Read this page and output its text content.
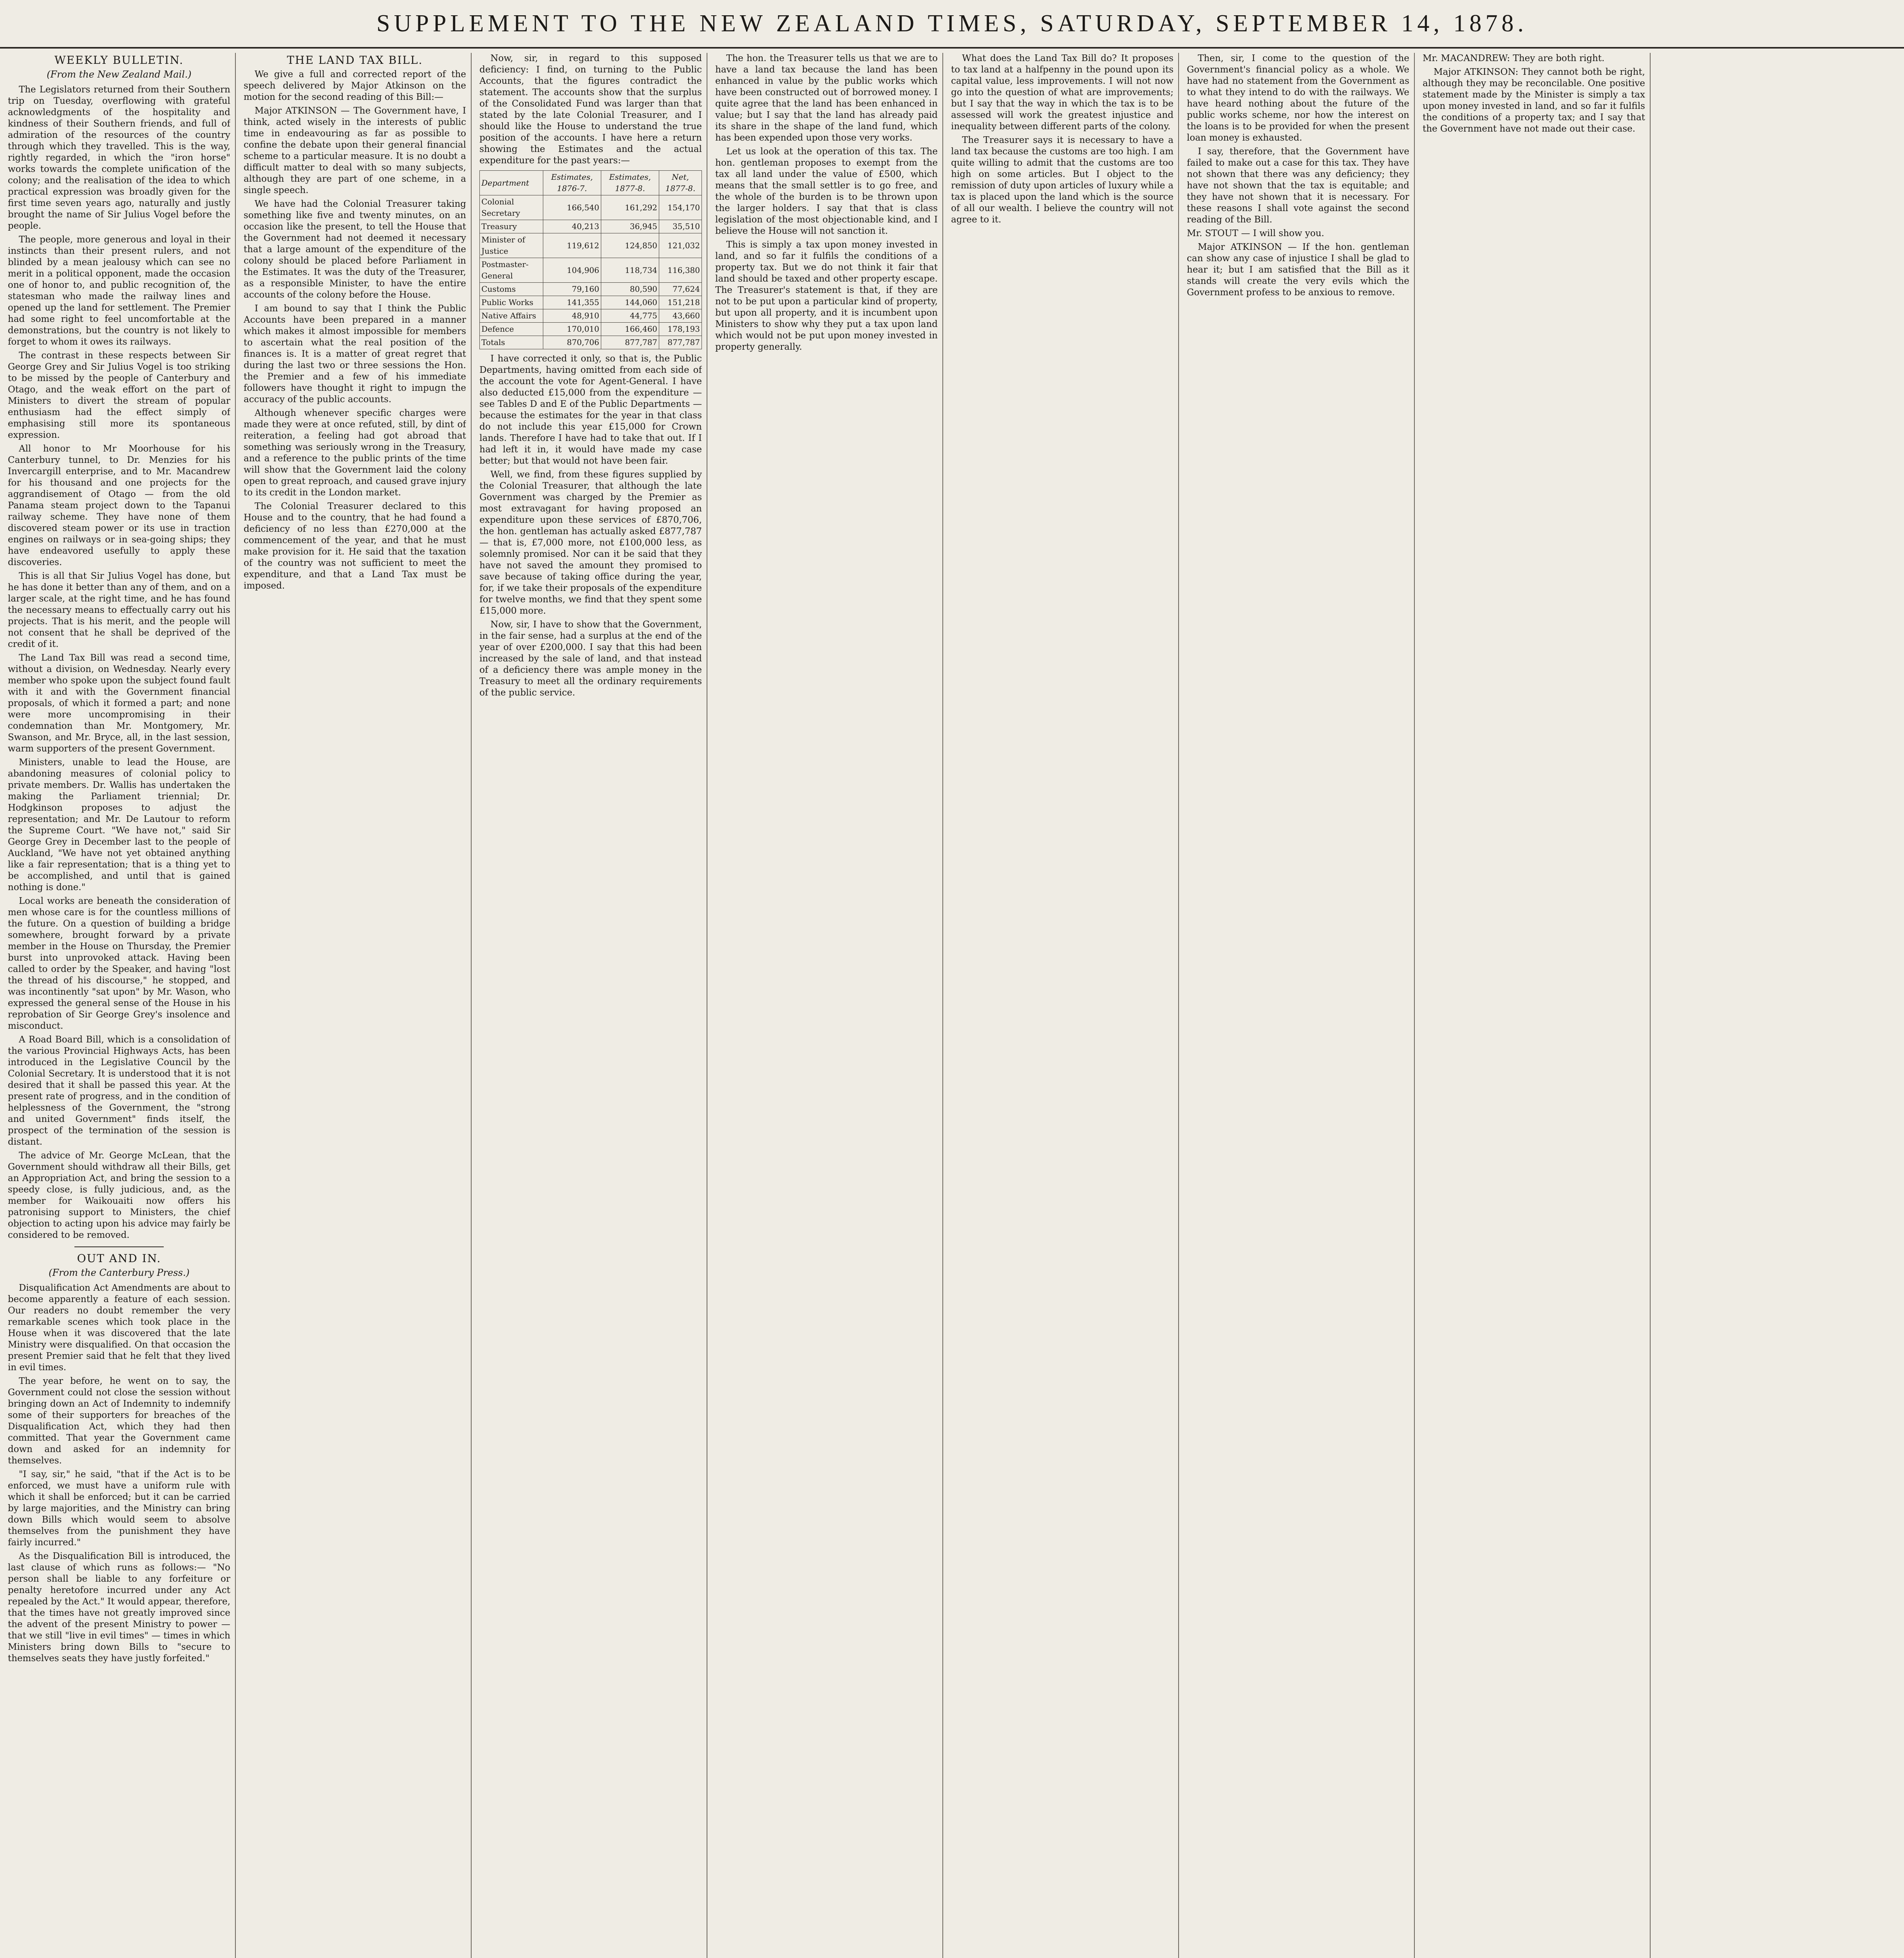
SUPPLEMENT TO THE NEW ZEALAND TIMES, SATURDAY, SEPTEMBER 14, 1878.
WEEKLY BULLETIN.
(From the New Zealand Mail.)

The Legislators returned from their Southern trip on Tuesday, overflowing with grateful acknowledgments of the hospitality and kindness of their Southern friends, and full of admiration of the resources of the country through which they travelled. This is the way, rightly regarded, in which the "iron horse" works towards the complete unification of the colony; and the realisation of the idea to which practical expression was broadly given for the first time seven years ago, naturally and justly brought the name of Sir Julius Vogel before the people.

The people, more generous and loyal in their instincts than their present rulers, and not blinded by a mean jealousy which can see no merit in a political opponent, made the occasion one of honor to, and public recognition of, the statesman who made the railway lines and opened up the land for settlement. The Premier had some right to feel uncomfortable at the demonstrations, but the country is not likely to forget to whom it owes its railways.

The contrast in these respects between Sir George Grey and Sir Julius Vogel is too striking to be missed by the people of Canterbury and Otago, and the weak effort on the part of Ministers to divert the stream of popular enthusiasm had the effect simply of emphasising still more its spontaneous expression.

All honor to Mr Moorhouse for his Canterbury tunnel, to Dr. Menzies for his Invercargill enterprise, and to Mr. Macandrew for his thousand and one projects for the aggrandisement of Otago — from the old Panama steam project down to the Tapanui railway scheme. They have none of them discovered steam power or its use in traction engines on railways or in sea-going ships; they have endeavored usefully to apply these discoveries.

This is all that Sir Julius Vogel has done, but he has done it better than any of them, and on a larger scale, at the right time, and he has found the necessary means to effectually carry out his projects. That is his merit, and the people will not consent that he shall be deprived of the credit of it.

The Land Tax Bill was read a second time, without a division, on Wednesday. Nearly every member who spoke upon the subject found fault with it and with the Government financial proposals, of which it formed a part; and none were more uncompromising in their condemnation than Mr. Montgomery, Mr. Swanson, and Mr. Bryce, all, in the last session, warm supporters of the present Government.

Ministers, unable to lead the House, are abandoning measures of colonial policy to private members. Dr. Wallis has undertaken the making the Parliament triennial; Dr. Hodgkinson proposes to adjust the representation; and Mr. De Lautour to reform the Supreme Court. "We have not," said Sir George Grey in December last to the people of Auckland, "We have not yet obtained anything like a fair representation; that is a thing yet to be accomplished, and until that is gained nothing is done."

Local works are beneath the consideration of men whose care is for the countless millions of the future. On a question of building a bridge somewhere, brought forward by a private member in the House on Thursday, the Premier burst into unprovoked attack. Having been called to order by the Speaker, and having "lost the thread of his discourse," he stopped, and was incontinently "sat upon" by Mr. Wason, who expressed the general sense of the House in his reprobation of Sir George Grey's insolence and misconduct.

A Road Board Bill, which is a consolidation of the various Provincial Highways Acts, has been introduced in the Legislative Council by the Colonial Secretary. It is understood that it is not desired that it shall be passed this year. At the present rate of progress, and in the condition of helplessness of the Government, the "strong and united Government" finds itself, the prospect of the termination of the session is distant.

The advice of Mr. George McLean, that the Government should withdraw all their Bills, get an Appropriation Act, and bring the session to a speedy close, is fully judicious, and, as the member for Waikouaiti now offers his patronising support to Ministers, the chief objection to acting upon his advice may fairly be considered to be removed.

OUT AND IN.
(From the Canterbury Press.)

Disqualification Act Amendments are about to become apparently a feature of each session. Our readers no doubt remember the very remarkable scenes which took place in the House when it was discovered that the late Ministry were disqualified. On that occasion the present Premier said that he felt that they lived in evil times.

The year before, he went on to say, the Government could not close the session without bringing down an Act of Indemnity to indemnify some of their supporters for breaches of the Disqualification Act, which they had then committed. That year the Government came down and asked for an indemnity for themselves.

"I say, sir," he said, "that if the Act is to be enforced, we must have a uniform rule with which it shall be enforced; but it can be carried by large majorities, and the Ministry can bring down Bills which would seem to absolve themselves from the punishment they have fairly incurred."

As the Disqualification Bill is introduced, the last clause of which runs as follows:— "No person shall be liable to any forfeiture or penalty heretofore incurred under any Act repealed by the Act." It would appear, therefore, that the times have not greatly improved since the advent of the present Ministry to power — that we still "live in evil times" — times in which Ministers bring down Bills to "secure to themselves seats they have justly forfeited."

THE LAND TAX BILL.

We give a full and corrected report of the speech delivered by Major Atkinson on the motion for the second reading of this Bill:—

Major ATKINSON — The Government have, I think, acted wisely in the interests of public time in endeavouring as far as possible to confine the debate upon their general financial scheme to a particular measure. It is no doubt a difficult matter to deal with so many subjects, although they are part of one scheme, in a single speech.

We have had the Colonial Treasurer taking something like five and twenty minutes, on an occasion like the present, to tell the House that the Government had not deemed it necessary that a large amount of the expenditure of the colony should be placed before Parliament in the Estimates. It was the duty of the Treasurer, as a responsible Minister, to have the entire accounts of the colony before the House.

I am bound to say that I think the Public Accounts have been prepared in a manner which makes it almost impossible for members to ascertain what the real position of the finances is. It is a matter of great regret that during the last two or three sessions the Hon. the Premier and a few of his immediate followers have thought it right to impugn the accuracy of the public accounts.

Although whenever specific charges were made they were at once refuted, still, by dint of reiteration, a feeling had got abroad that something was seriously wrong in the Treasury, and a reference to the public prints of the time will show that the Government laid the colony open to great reproach, and caused grave injury to its credit in the London market.

The Colonial Treasurer declared to this House and to the country, that he had found a deficiency of no less than £270,000 at the commencement of the year, and that he must make provision for it. He said that the taxation of the country was not sufficient to meet the expenditure, and that a Land Tax must be imposed.

Now, sir, in regard to this supposed deficiency: I find, on turning to the Public Accounts, that the figures contradict the statement. The accounts show that the surplus of the Consolidated Fund was larger than that stated by the late Colonial Treasurer, and I should like the House to understand the true position of the accounts. I have here a return showing the Estimates and the actual expenditure for the past years:—

Department	Estimates, 1876-7.	Estimates, 1877-8.	Net, 1877-8.
Colonial Secretary	166,540	161,292	154,170
Treasury	40,213	36,945	35,510
Minister of Justice	119,612	124,850	121,032
Postmaster-General	104,906	118,734	116,380
Customs	79,160	80,590	77,624
Public Works	141,355	144,060	151,218
Native Affairs	48,910	44,775	43,660
Defence	170,010	166,460	178,193
Totals	870,706	877,787	877,787

I have corrected it only, so that is, the Public Departments, having omitted from each side of the account the vote for Agent-General. I have also deducted £15,000 from the expenditure — see Tables D and E of the Public Departments — because the estimates for the year in that class do not include this year £15,000 for Crown lands. Therefore I have had to take that out. If I had left it in, it would have made my case better; but that would not have been fair.

Well, we find, from these figures supplied by the Colonial Treasurer, that although the late Government was charged by the Premier as most extravagant for having proposed an expenditure upon these services of £870,706, the hon. gentleman has actually asked £877,787 — that is, £7,000 more, not £100,000 less, as solemnly promised. Nor can it be said that they have not saved the amount they promised to save because of taking office during the year, for, if we take their proposals of the expenditure for twelve months, we find that they spent some £15,000 more.

Now, sir, I have to show that the Government, in the fair sense, had a surplus at the end of the year of over £200,000. I say that this had been increased by the sale of land, and that instead of a deficiency there was ample money in the Treasury to meet all the ordinary requirements of the public service.

The hon. the Treasurer tells us that we are to have a land tax because the land has been enhanced in value by the public works which have been constructed out of borrowed money. I quite agree that the land has been enhanced in value; but I say that the land has already paid its share in the shape of the land fund, which has been expended upon those very works.

Let us look at the operation of this tax. The hon. gentleman proposes to exempt from the tax all land under the value of £500, which means that the small settler is to go free, and the whole of the burden is to be thrown upon the larger holders. I say that that is class legislation of the most objectionable kind, and I believe the House will not sanction it.

This is simply a tax upon money invested in land, and so far it fulfils the conditions of a property tax. But we do not think it fair that land should be taxed and other property escape. The Treasurer's statement is that, if they are not to be put upon a particular kind of property, but upon all property, and it is incumbent upon Ministers to show why they put a tax upon land which would not be put upon money invested in property generally.

What does the Land Tax Bill do? It proposes to tax land at a halfpenny in the pound upon its capital value, less improvements. I will not now go into the question of what are improvements; but I say that the way in which the tax is to be assessed will work the greatest injustice and inequality between different parts of the colony.

The Treasurer says it is necessary to have a land tax because the customs are too high. I am quite willing to admit that the customs are too high on some articles. But I object to the remission of duty upon articles of luxury while a tax is placed upon the land which is the source of all our wealth. I believe the country will not agree to it.

Then, sir, I come to the question of the Government's financial policy as a whole. We have had no statement from the Government as to what they intend to do with the railways. We have heard nothing about the future of the public works scheme, nor how the interest on the loans is to be provided for when the present loan money is exhausted.

I say, therefore, that the Government have failed to make out a case for this tax. They have not shown that there was any deficiency; they have not shown that the tax is equitable; and they have not shown that it is necessary. For these reasons I shall vote against the second reading of the Bill.

Mr. STOUT — I will show you.

Major ATKINSON — If the hon. gentleman can show any case of injustice I shall be glad to hear it; but I am satisfied that the Bill as it stands will create the very evils which the Government profess to be anxious to remove.

Mr. MACANDREW: They are both right.

Major ATKINSON: They cannot both be right, although they may be reconcilable. One positive statement made by the Minister is simply a tax upon money invested in land, and so far it fulfils the conditions of a property tax; and I say that the Government have not made out their case.
